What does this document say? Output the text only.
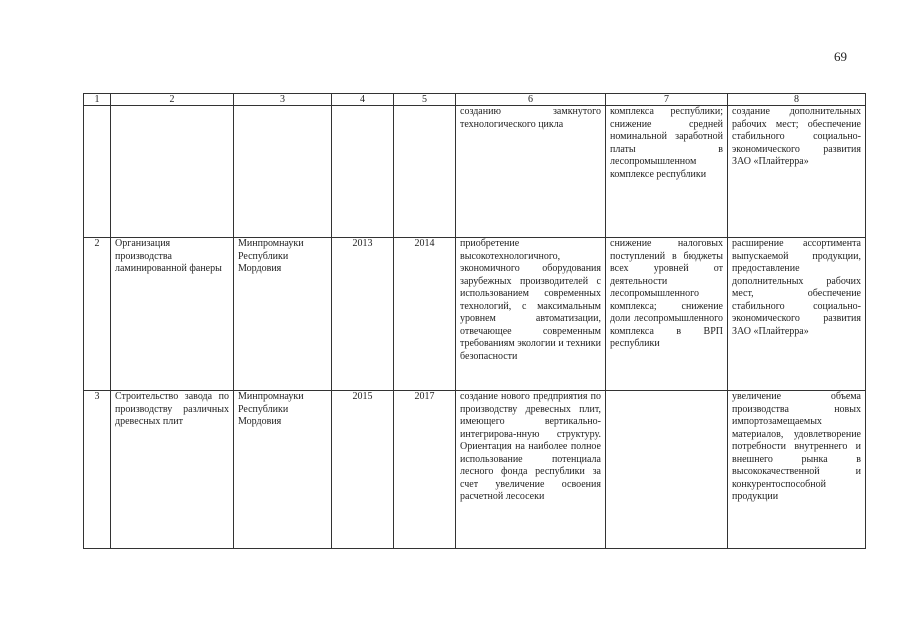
69
1	2	3	4	5	6	7	8
					созданию замкнутого технологического цикла	комплекса республики; снижение средней номинальной заработной платы в лесопромышленном комплексе республики	создание дополнительных рабочих мест; обеспечение стабильного социально-экономического развития ЗАО «Плайтерра»
2	Организация производства ламинированной фанеры	Минпромнауки Республики Мордовия	2013	2014	приобретение высокотехнологичного, экономичного оборудования зарубежных производителей с использованием современных технологий, с максимальным уровнем автоматизации, отвечающее современным требованиям экологии и техники безопасности	снижение налоговых поступлений в бюджеты всех уровней от деятельности лесопромышленного комплекса; снижение доли лесопромышленного комплекса в ВРП республики	расширение ассортимента выпускаемой продукции, предоставление дополнительных рабочих мест, обеспечение стабильного социально-экономического развития ЗАО «Плайтерра»
3	Строительство завода по производству различных древесных плит	Минпромнауки Республики Мордовия	2015	2017	создание нового предприятия по производству древесных плит, имеющего вертикально-интегрирова-нную структуру. Ориентация на наиболее полное использование потенциала лесного фонда республики за счет увеличение освоения расчетной лесосеки		увеличение объема производства новых импортозамещаемых материалов, удовлетворение потребности внутреннего и внешнего рынка в высококачественной и конкурентоспособной продукции
